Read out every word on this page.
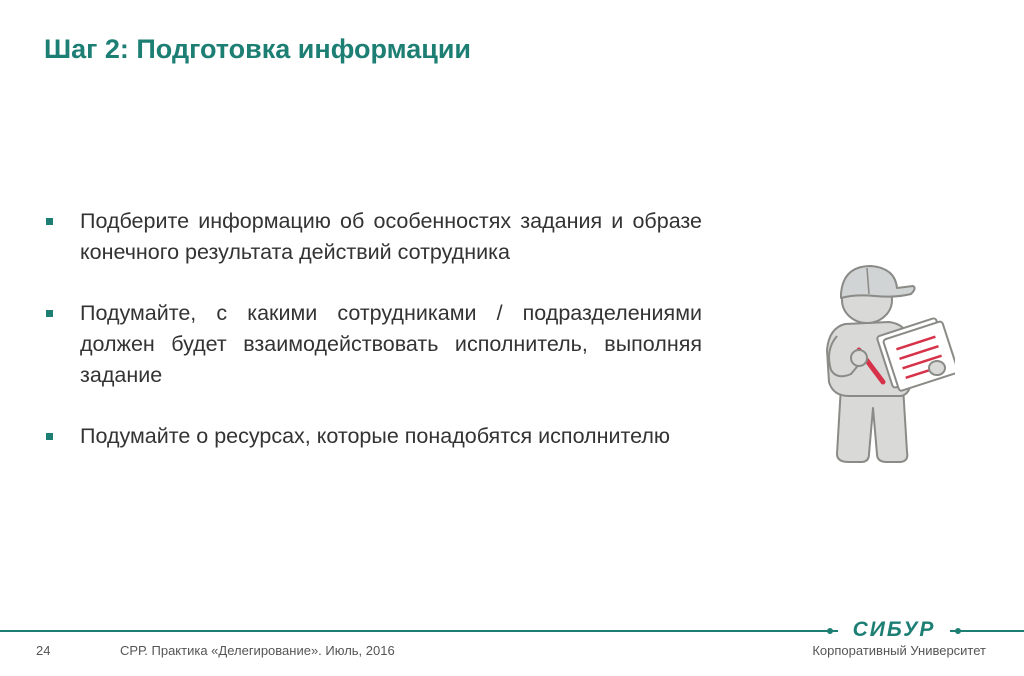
Шаг 2: Подготовка информации
Подберите информацию об особенностях задания и образе конечного результата действий сотрудника
Подумайте, с какими сотрудниками / подразделениями должен будет взаимодействовать исполнитель, выполняя задание
Подумайте о ресурсах, которые понадобятся исполнителю
СИБУР
24	СРР. Практика «Делегирование». Июль, 2016	Корпоративный Университет
